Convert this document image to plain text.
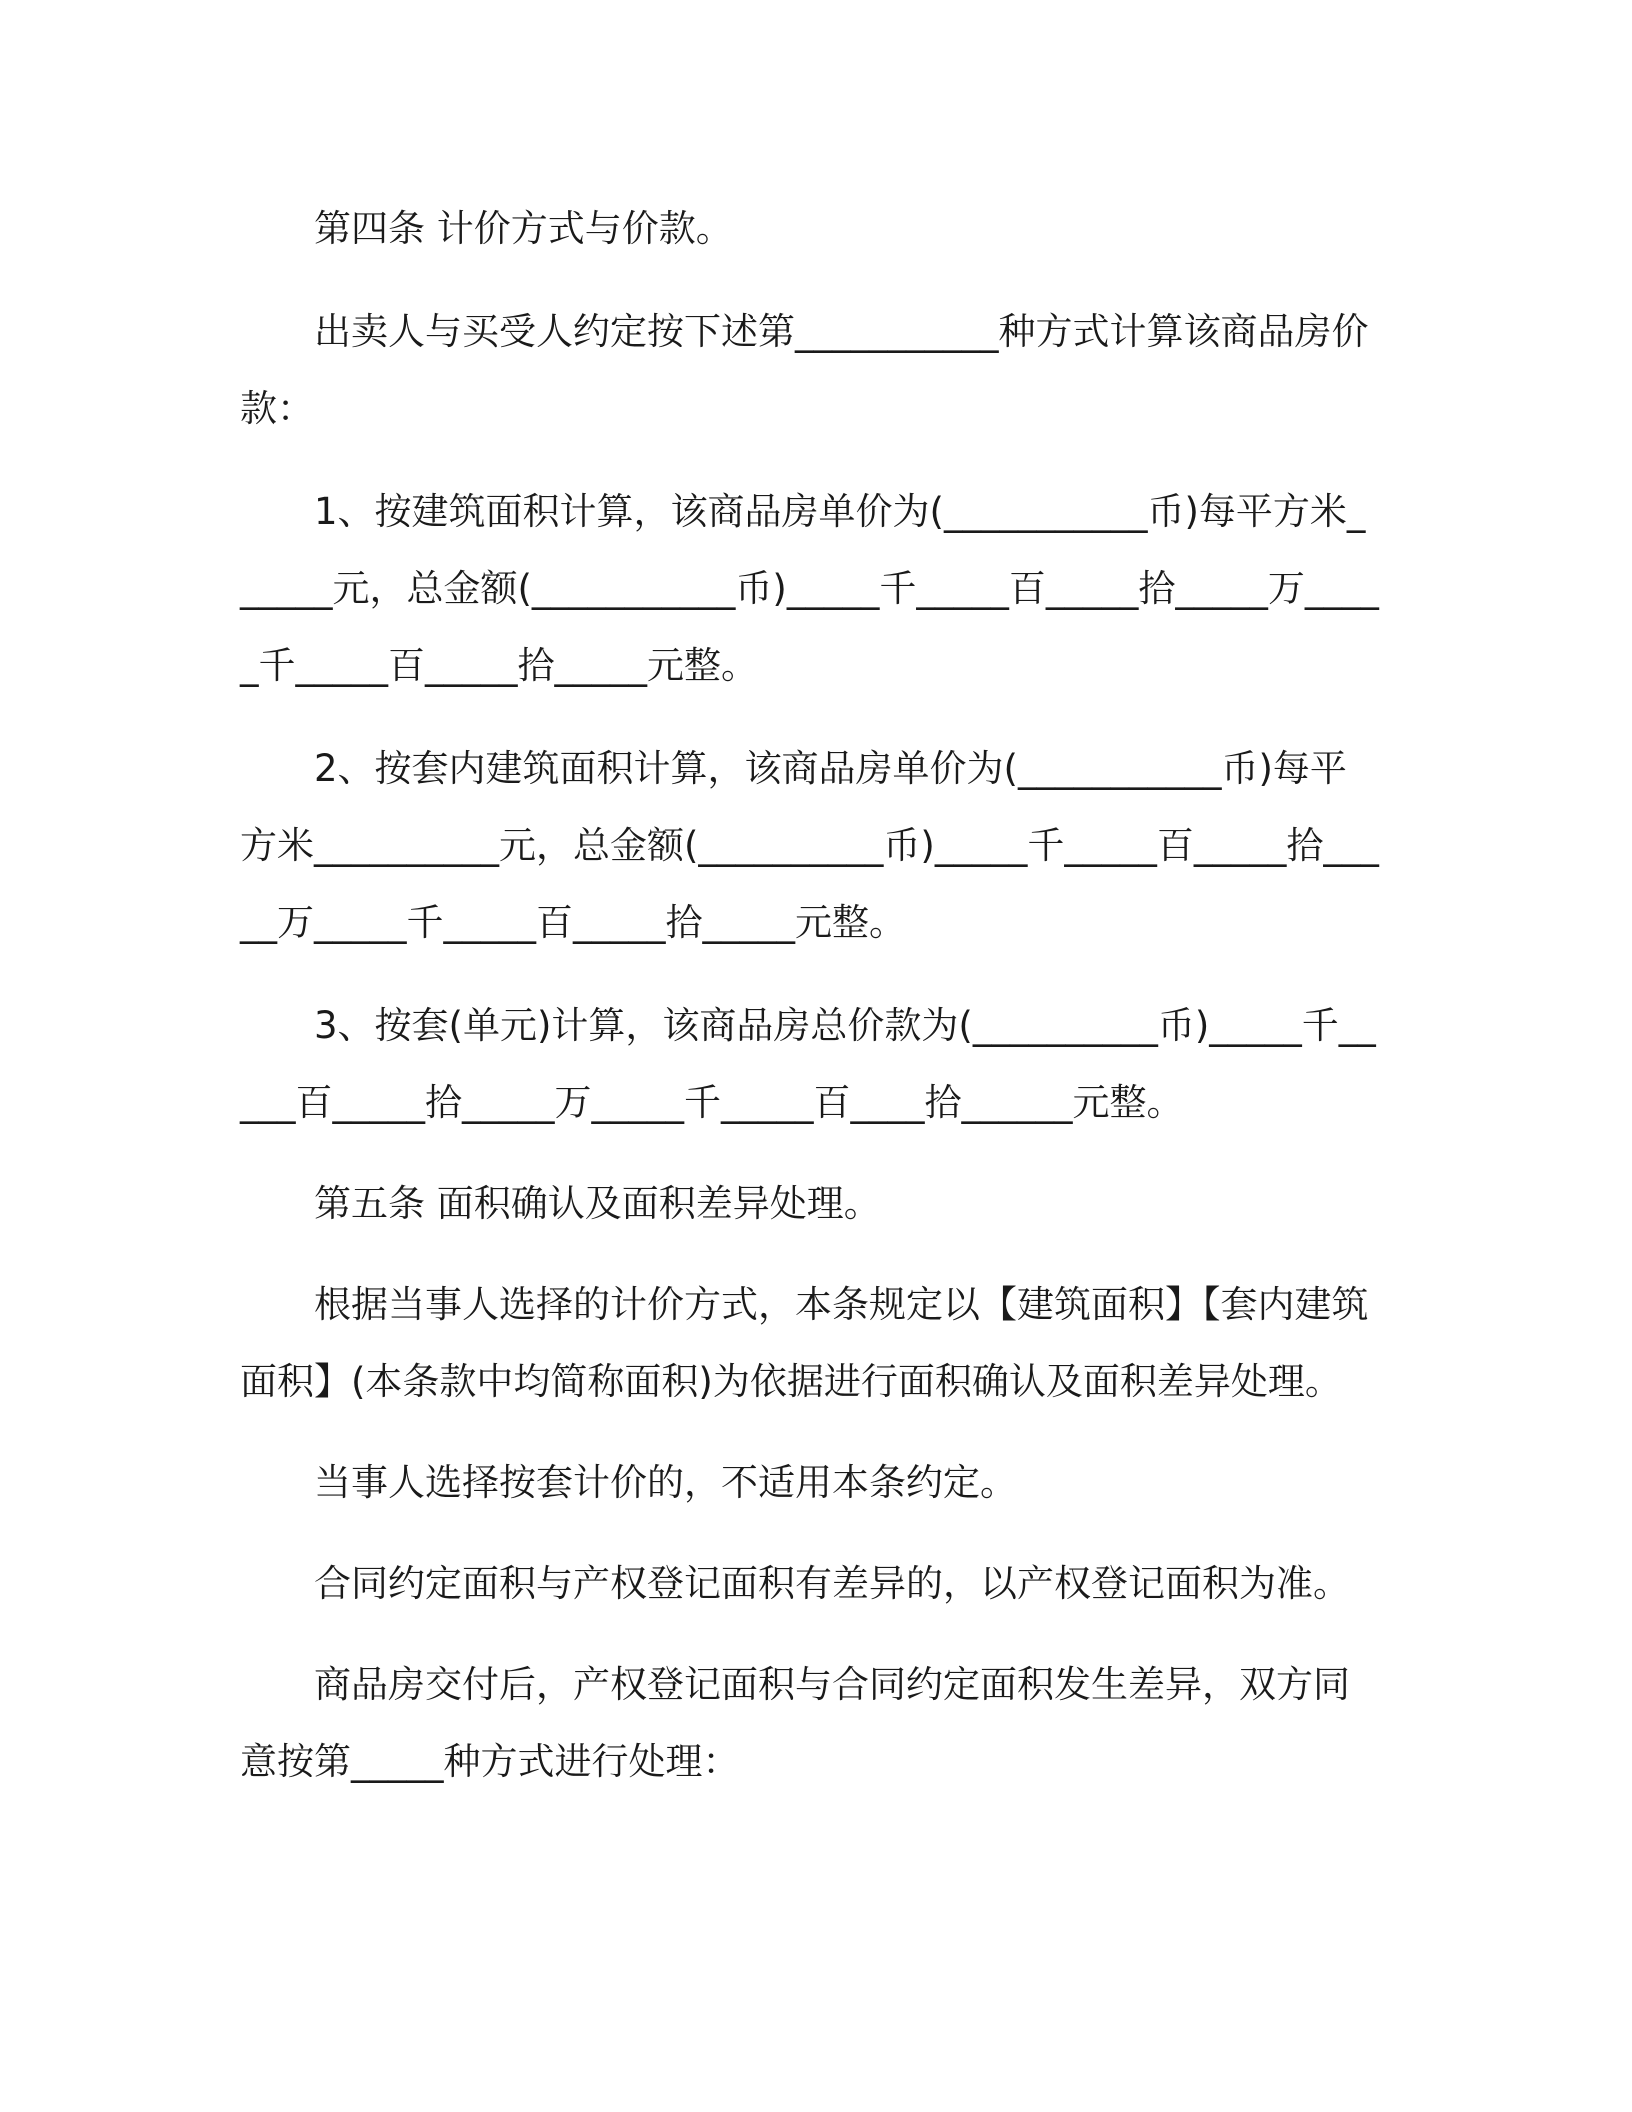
第四条 计价方式与价款。

出卖人与买受人约定按下述第___________种方式计算该商品房价款：

1、按建筑面积计算，该商品房单价为(___________币)每平方米______元，总金额(___________币)_____千_____百_____拾_____万_____千_____百_____拾_____元整。

2、按套内建筑面积计算，该商品房单价为(___________币)每平方米__________元，总金额(__________币)_____千_____百_____拾_____万_____千_____百_____拾_____元整。

3、按套(单元)计算，该商品房总价款为(__________币)_____千_____百_____拾_____万_____千_____百____拾______元整。

第五条 面积确认及面积差异处理。

根据当事人选择的计价方式，本条规定以【建筑面积】【套内建筑面积】(本条款中均简称面积)为依据进行面积确认及面积差异处理。

当事人选择按套计价的，不适用本条约定。

合同约定面积与产权登记面积有差异的，以产权登记面积为准。

商品房交付后，产权登记面积与合同约定面积发生差异，双方同意按第_____种方式进行处理：
